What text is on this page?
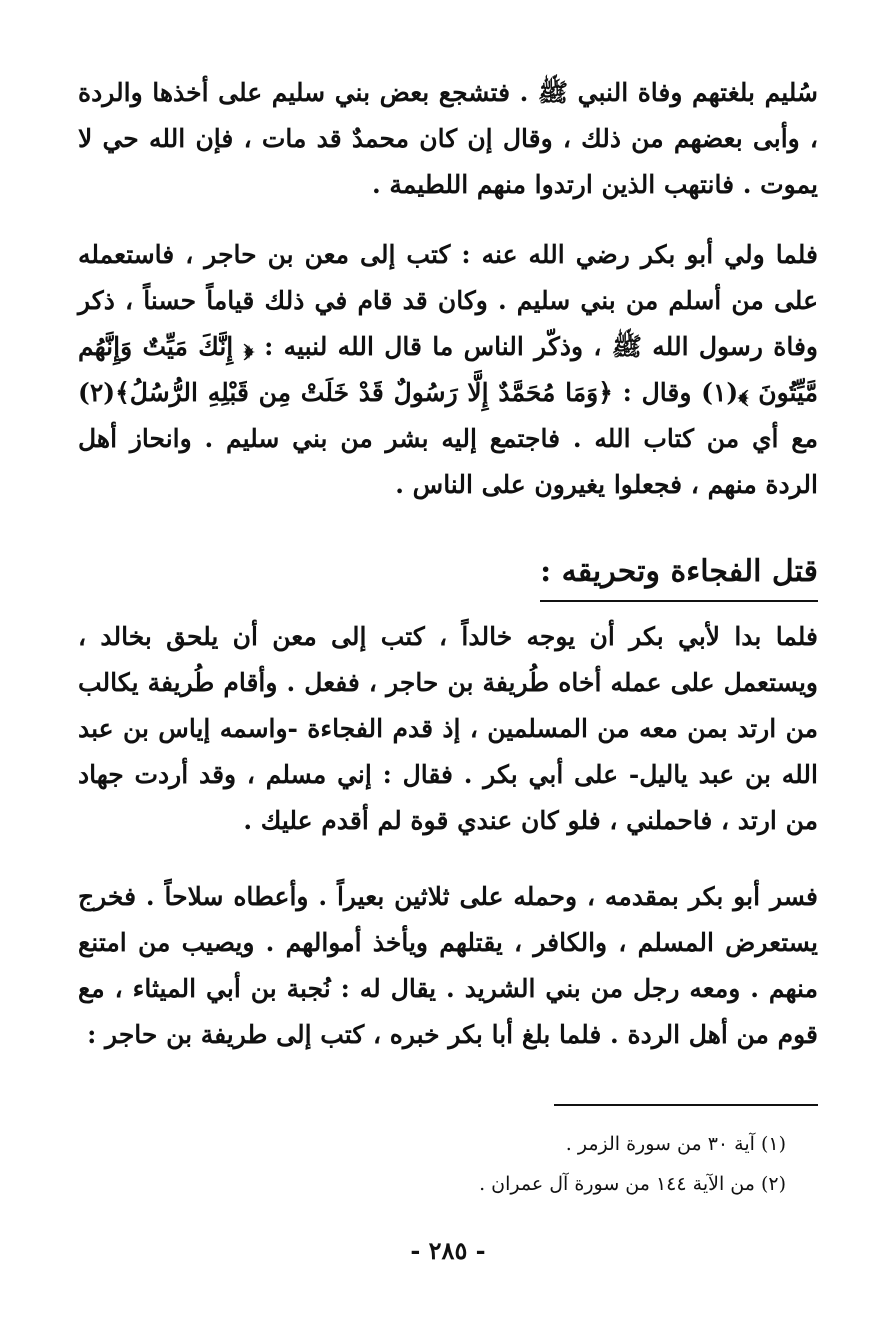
سُليم بلغتهم وفاة النبي ﷺ . فتشجع بعض بني سليم على أخذها والردة ، وأبى بعضهم من ذلك ، وقال إن كان محمدٌ قد مات ، فإن الله حي لا يموت . فانتهب الذين ارتدوا منهم اللطيمة .

فلما ولي أبو بكر رضي الله عنه : كتب إلى معن بن حاجر ، فاستعمله على من أسلم من بني سليم . وكان قد قام في ذلك قياماً حسناً ، ذكر وفاة رسول الله ﷺ ، وذكّر الناس ما قال الله لنبيه : ﴿ إِنَّكَ مَيِّتٌ وَإِنَّهُم مَّيِّتُونَ ﴾(١) وقال : ﴿وَمَا مُحَمَّدٌ إِلَّا رَسُولٌ قَدْ خَلَتْ مِن قَبْلِهِ الرُّسُلُ﴾(٢) مع أي من كتاب الله . فاجتمع إليه بشر من بني سليم . وانحاز أهل الردة منهم ، فجعلوا يغيرون على الناس .

قتل الفجاءة وتحريقه :

فلما بدا لأبي بكر أن يوجه خالداً ، كتب إلى معن أن يلحق بخالد ، ويستعمل على عمله أخاه طُريفة بن حاجر ، ففعل . وأقام طُريفة يكالب من ارتد بمن معه من المسلمين ، إذ قدم الفجاءة -واسمه إياس بن عبد الله بن عبد ياليل- على أبي بكر . فقال : إني مسلم ، وقد أردت جهاد من ارتد ، فاحملني ، فلو كان عندي قوة لم أقدم عليك .

فسر أبو بكر بمقدمه ، وحمله على ثلاثين بعيراً . وأعطاه سلاحاً . فخرج يستعرض المسلم ، والكافر ، يقتلهم ويأخذ أموالهم . ويصيب من امتنع منهم . ومعه رجل من بني الشريد . يقال له : نُجبة بن أبي الميثاء ، مع قوم من أهل الردة . فلما بلغ أبا بكر خبره ، كتب إلى طريفة بن حاجر :

(١) آية ٣٠ من سورة الزمر .
(٢) من الآية ١٤٤ من سورة آل عمران .
- ٢٨٥ -
